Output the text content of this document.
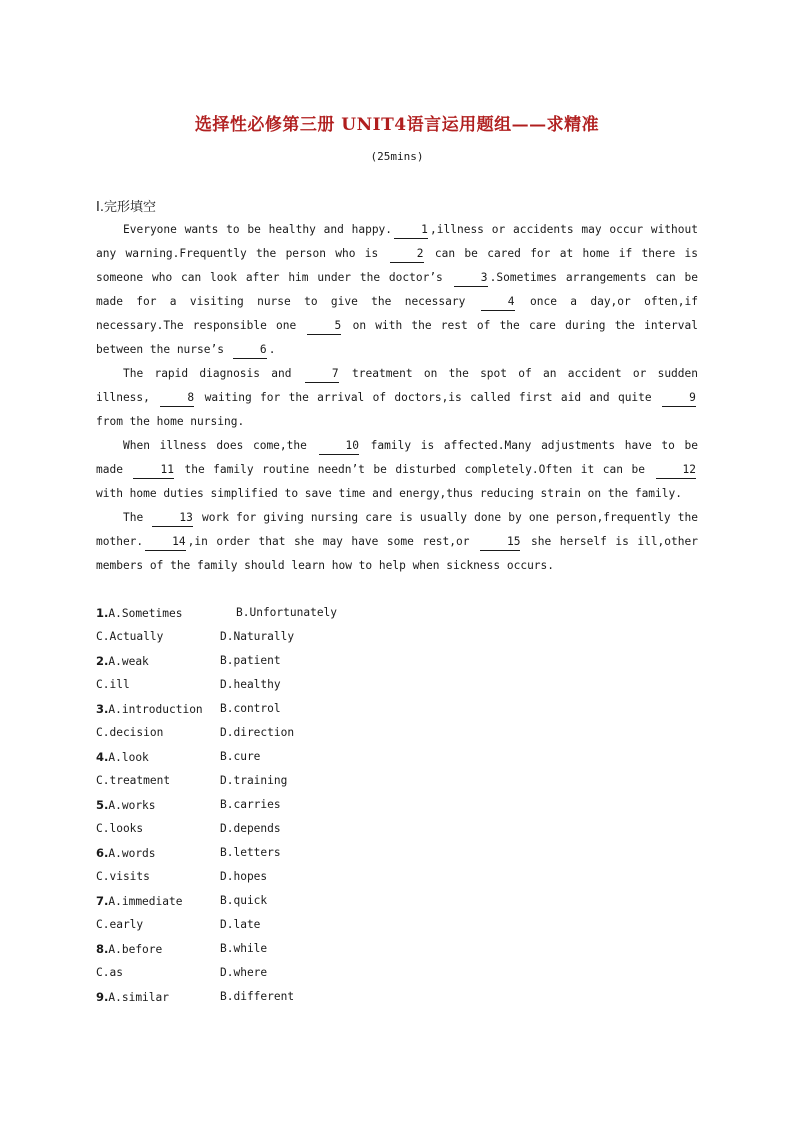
选择性必修第三册 UNIT4语言运用题组——求精准
(25mins)
Ⅰ.完形填空

Everyone wants to be healthy and happy.	1 ,illness or accidents may occur without any warning.Frequently the person who is	2 can be cared for at home if there is someone who can look after him under the doctor’s	3 .Sometimes arrangements can be made for a visiting nurse to give the necessary	4 once a day,or often,if necessary.The responsible one	5 on with the rest of the care during the interval between the nurse’s	6 .

The rapid diagnosis and	7 treatment on the spot of an accident or sudden illness,	8 waiting for the arrival of doctors,is called first aid and quite	9 from the home nursing.

When illness does come,the	10 family is affected.Many adjustments have to be made	11 the family routine needn’t be disturbed completely.Often it can be	12 with home duties simplified to save time and energy,thus reducing strain on the family.

The	13 work for giving nursing care is usually done by one person,frequently the mother.	14 ,in order that she may have some rest,or	15 she herself is ill,other members of the family should learn how to help when sickness occurs.

1.A.Sometimes	B.Unfortunately
C.Actually	D.Naturally
2.A.weak	B.patient
C.ill	D.healthy
3.A.introduction	B.control
C.decision	D.direction
4.A.look	B.cure
C.treatment	D.training
5.A.works	B.carries
C.looks	D.depends
6.A.words	B.letters
C.visits	D.hopes
7.A.immediate	B.quick
C.early	D.late
8.A.before	B.while
C.as	D.where
9.A.similar	B.different
